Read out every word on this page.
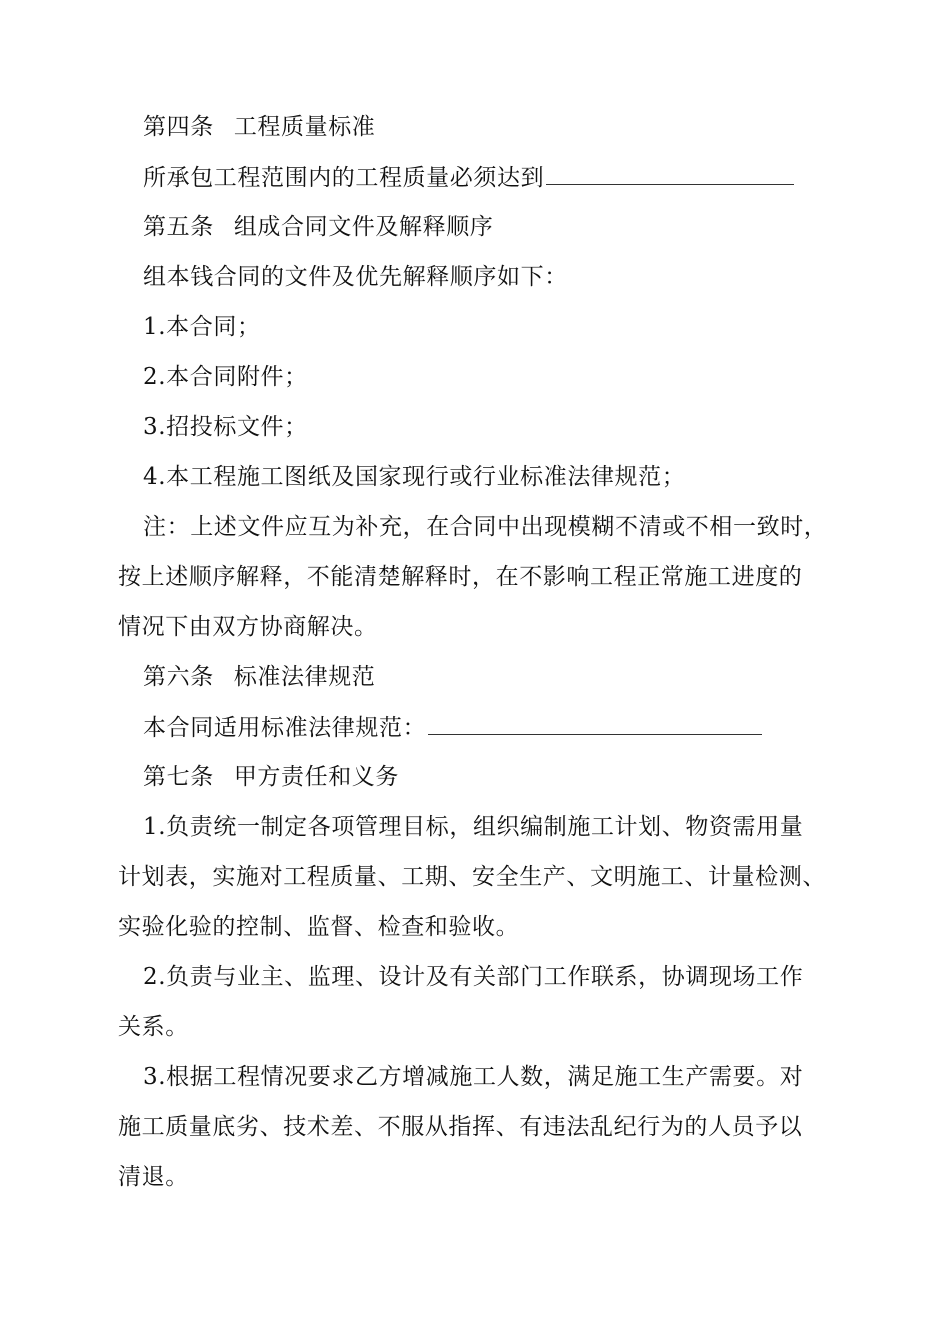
第四条 工程质量标准
所承包工程范围内的工程质量必须达到
第五条 组成合同文件及解释顺序
组本钱合同的文件及优先解释顺序如下：
1.本合同；
2.本合同附件；
3.招投标文件；
4.本工程施工图纸及国家现行或行业标准法律规范；
注：上述文件应互为补充，在合同中出现模糊不清或不相一致时，
按上述顺序解释，不能清楚解释时，在不影响工程正常施工进度的
情况下由双方协商解决。
第六条 标准法律规范
本合同适用标准法律规范：
第七条 甲方责任和义务
1.负责统一制定各项管理目标，组织编制施工计划、物资需用量
计划表，实施对工程质量、工期、安全生产、文明施工、计量检测、
实验化验的控制、监督、检查和验收。
2.负责与业主、监理、设计及有关部门工作联系，协调现场工作
关系。
3.根据工程情况要求乙方增减施工人数，满足施工生产需要。对
施工质量底劣、技术差、不服从指挥、有违法乱纪行为的人员予以
清退。
